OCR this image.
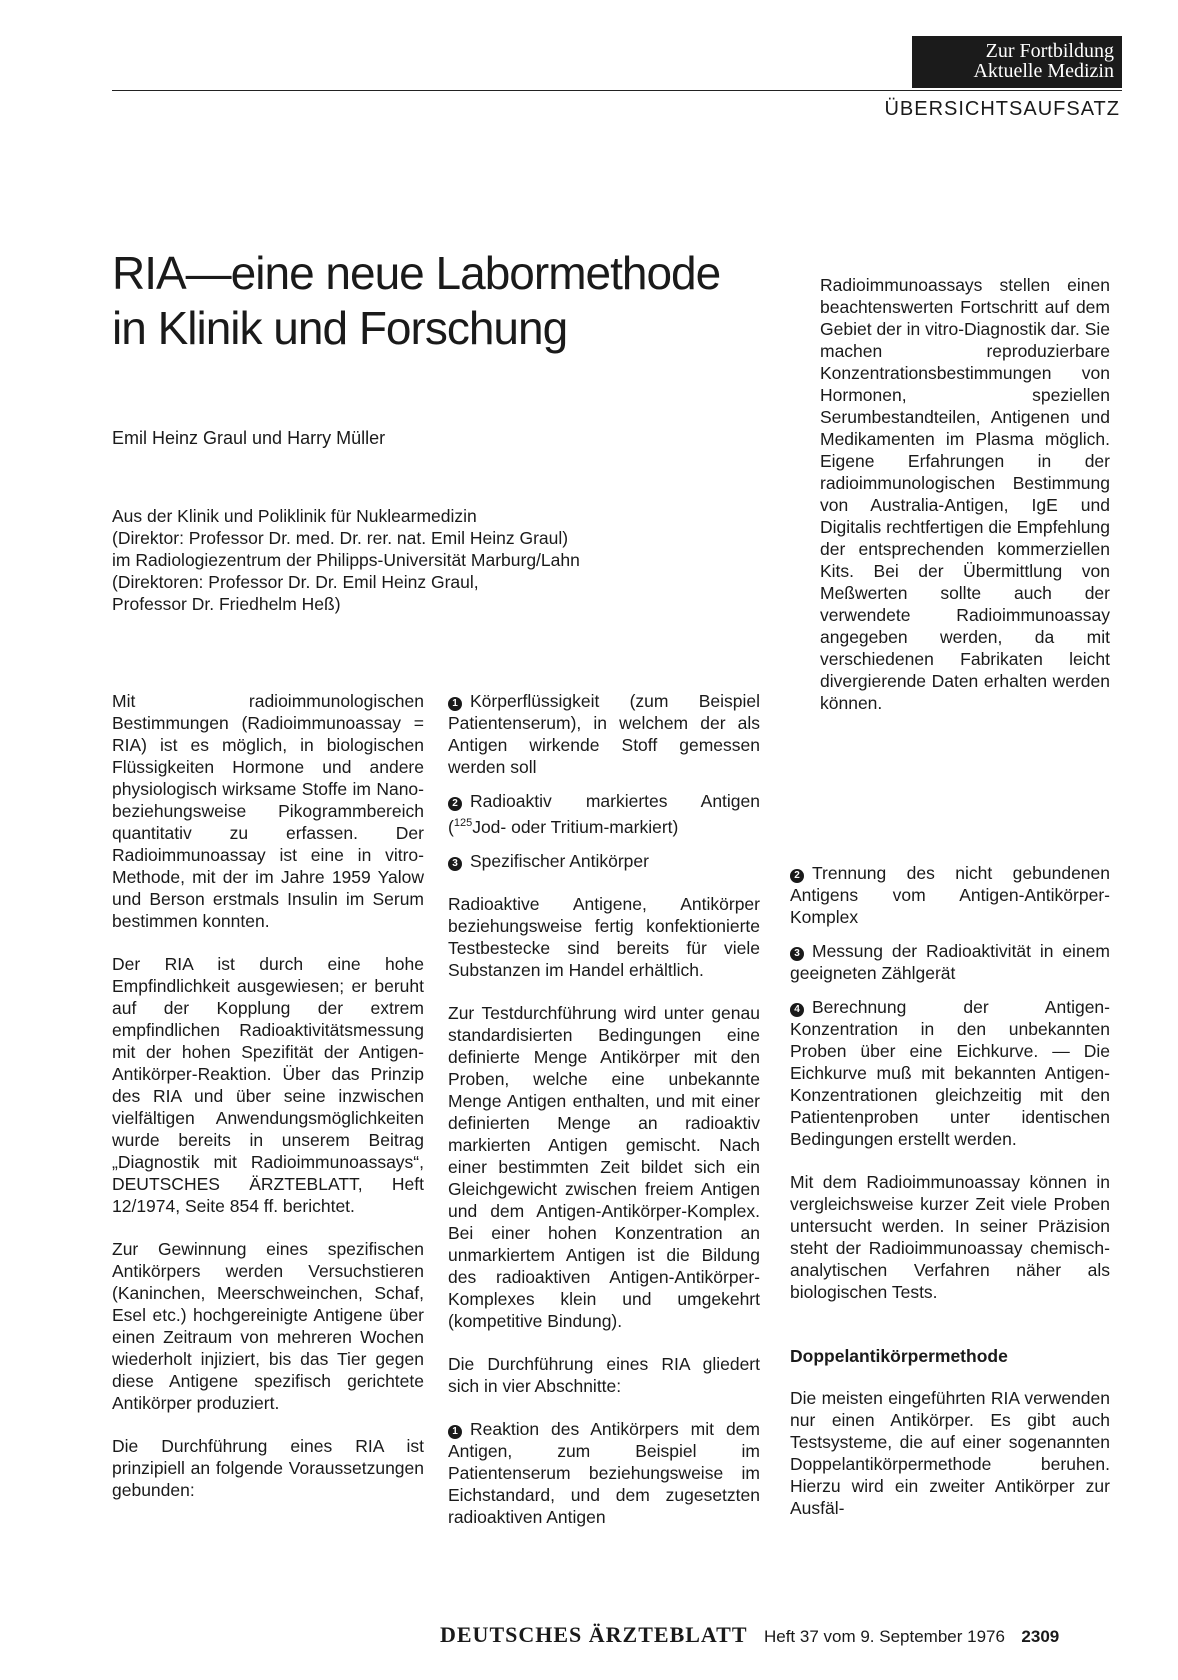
Zur Fortbildung
Aktuelle Medizin
ÜBERSICHTSAUFSATZ
RIA—eine neue Labormethode
in Klinik und Forschung
Emil Heinz Graul und Harry Müller
Aus der Klinik und Poliklinik für Nuklearmedizin
(Direktor: Professor Dr. med. Dr. rer. nat. Emil Heinz Graul)
im Radiologiezentrum der Philipps-Universität Marburg/Lahn
(Direktoren: Professor Dr. Dr. Emil Heinz Graul,
Professor Dr. Friedhelm Heß)

Radioimmunoassays stellen einen beachtenswerten Fortschritt auf dem Gebiet der in vitro-Diagnostik dar. Sie machen reproduzierbare Konzentrationsbestimmungen von Hormonen, speziellen Serumbestandteilen, Antigenen und Medikamenten im Plasma möglich. Eigene Erfahrungen in der radioimmunologischen Bestimmung von Australia-Antigen, IgE und Digitalis rechtfertigen die Empfehlung der entsprechenden kommerziellen Kits. Bei der Übermittlung von Meßwerten sollte auch der verwendete Radioimmunoassay angegeben werden, da mit verschiedenen Fabrikaten leicht divergierende Daten erhalten werden können.

Mit radioimmunologischen Bestimmungen (Radioimmunoassay = RIA) ist es möglich, in biologischen Flüssigkeiten Hormone und andere physiologisch wirksame Stoffe im Nano- beziehungsweise Pikogrammbereich quantitativ zu erfassen. Der Radioimmunoassay ist eine in vitro-Methode, mit der im Jahre 1959 Yalow und Berson erstmals Insulin im Serum bestimmen konnten.

Der RIA ist durch eine hohe Empfindlichkeit ausgewiesen; er beruht auf der Kopplung der extrem empfindlichen Radioaktivitätsmessung mit der hohen Spezifität der Antigen-Antikörper-Reaktion. Über das Prinzip des RIA und über seine inzwischen vielfältigen Anwendungsmöglichkeiten wurde bereits in unserem Beitrag „Diagnostik mit Radioimmunoassays“, DEUTSCHES ÄRZTEBLATT, Heft 12/1974, Seite 854 ff. berichtet.

Zur Gewinnung eines spezifischen Antikörpers werden Versuchstieren (Kaninchen, Meerschweinchen, Schaf, Esel etc.) hochgereinigte Antigene über einen Zeitraum von mehreren Wochen wiederholt injiziert, bis das Tier gegen diese Antigene spezifisch gerichtete Antikörper produziert.

Die Durchführung eines RIA ist prinzipiell an folgende Voraussetzungen gebunden:

1 Körperflüssigkeit (zum Beispiel Patientenserum), in welchem der als Antigen wirkende Stoff gemessen werden soll

2 Radioaktiv markiertes Antigen ($^{125}$Jod- oder Tritium-markiert)

3 Spezifischer Antikörper

Radioaktive Antigene, Antikörper beziehungsweise fertig konfektionierte Testbestecke sind bereits für viele Substanzen im Handel erhältlich.

Zur Testdurchführung wird unter genau standardisierten Bedingungen eine definierte Menge Antikörper mit den Proben, welche eine unbekannte Menge Antigen enthalten, und mit einer definierten Menge an radioaktiv markierten Antigen gemischt. Nach einer bestimmten Zeit bildet sich ein Gleichgewicht zwischen freiem Antigen und dem Antigen-Antikörper-Komplex. Bei einer hohen Konzentration an unmarkiertem Antigen ist die Bildung des radioaktiven Antigen-Antikörper-Komplexes klein und umgekehrt (kompetitive Bindung).

Die Durchführung eines RIA gliedert sich in vier Abschnitte:

1 Reaktion des Antikörpers mit dem Antigen, zum Beispiel im Patientenserum beziehungsweise im Eichstandard, und dem zugesetzten radioaktiven Antigen

2 Trennung des nicht gebundenen Antigens vom Antigen-Antikörper-Komplex

3 Messung der Radioaktivität in einem geeigneten Zählgerät

4 Berechnung der Antigen-Konzentration in den unbekannten Proben über eine Eichkurve. — Die Eichkurve muß mit bekannten Antigen-Konzentrationen gleichzeitig mit den Patientenproben unter identischen Bedingungen erstellt werden.

Mit dem Radioimmunoassay können in vergleichsweise kurzer Zeit viele Proben untersucht werden. In seiner Präzision steht der Radioimmunoassay chemisch-analytischen Verfahren näher als biologischen Tests.

Doppelantikörpermethode

Die meisten eingeführten RIA verwenden nur einen Antikörper. Es gibt auch Testsysteme, die auf einer sogenannten Doppelantikörpermethode beruhen. Hierzu wird ein zweiter Antikörper zur Ausfäl-

DEUTSCHES ÄRZTEBLATT Heft 37 vom 9. September 1976 2309
